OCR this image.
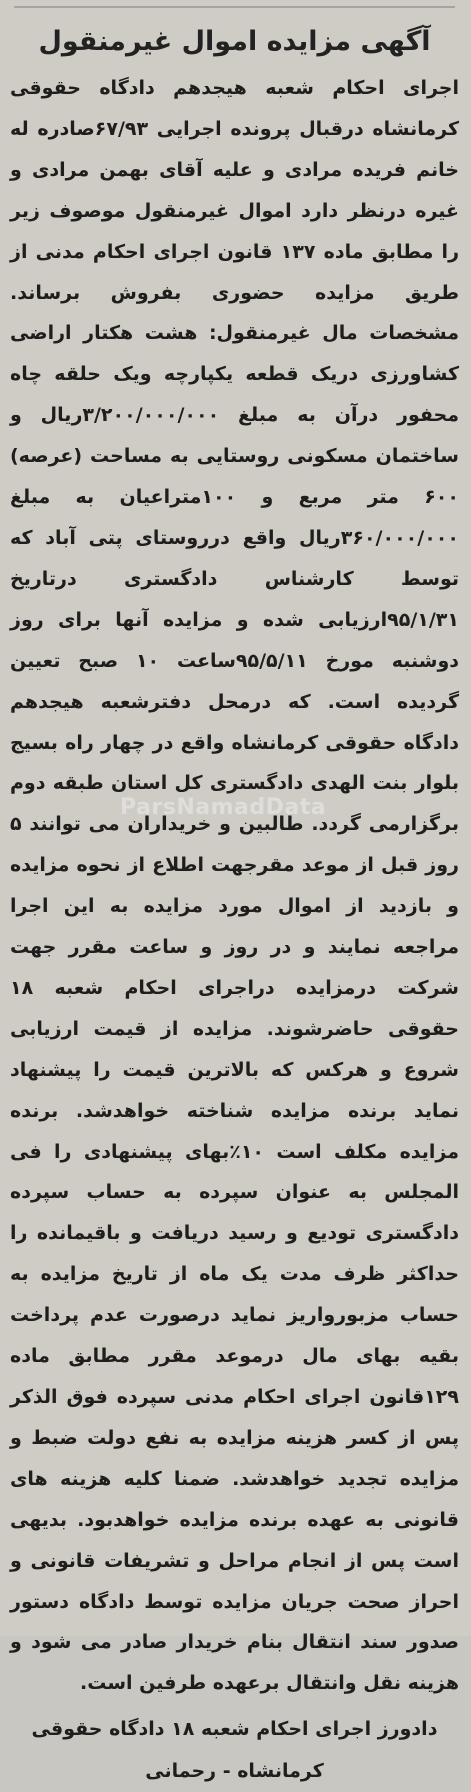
آگهی مزایده اموال غیرمنقول

اجرای احکام شعبه هیجدهم دادگاه حقوقی کرمانشاه درقبال پرونده اجرایی ۶۷/۹۳صادره له خانم فریده مرادی و علیه آقای بهمن مرادی و غیره درنظر دارد اموال غیرمنقول موصوف زیر را مطابق ماده ۱۳۷ قانون اجرای احکام مدنی از طریق مزایده حضوری بفروش برساند. مشخصات مال غیرمنقول: هشت هکتار اراضی کشاورزی دریک قطعه یکپارچه ویک حلقه چاه محفور درآن به مبلغ ۳/۲۰۰/۰۰۰/۰۰۰ریال و ساختمان مسکونی روستایی به مساحت (عرصه) ۶۰۰ متر مربع و ۱۰۰متراعیان به مبلغ ۳۶۰/۰۰۰/۰۰۰ریال واقع درروستای پتی آباد که توسط کارشناس دادگستری درتاریخ ۹۵/۱/۳۱ارزیابی شده و مزایده آنها برای روز دوشنبه مورخ ۹۵/۵/۱۱ساعت ۱۰ صبح تعیین گردیده است. که درمحل دفترشعبه هیجدهم دادگاه حقوقی کرمانشاه واقع در چهار راه بسیج بلوار بنت الهدی دادگستری کل استان طبقه دوم برگزارمی گردد. طالبین و خریداران می توانند ۵ روز قبل از موعد مقرجهت اطلاع از نحوه مزایده و بازدید از اموال مورد مزایده به این اجرا مراجعه نمایند و در روز و ساعت مقرر جهت شرکت درمزایده دراجرای احکام شعبه ۱۸ حقوقی حاضرشوند. مزایده از قیمت ارزیابی شروع و هرکس که بالاترین قیمت را پیشنهاد نماید برنده مزایده شناخته خواهدشد. برنده مزایده مکلف است ۱۰٪بهای پیشنهادی را فی المجلس به عنوان سپرده به حساب سپرده دادگستری تودیع و رسید دریافت و باقیمانده را حداکثر ظرف مدت یک ماه از تاریخ مزایده به حساب مزبورواریز نماید درصورت عدم پرداخت بقیه بهای مال درموعد مقرر مطابق ماده ۱۲۹قانون اجرای احکام مدنی سپرده فوق الذکر پس از کسر هزینه مزایده به نفع دولت ضبط و مزایده تجدید خواهدشد. ضمنا کلیه هزینه های قانونی به عهده برنده مزایده خواهدبود. بدیهی است پس از انجام مراحل و تشریفات قانونی و احراز صحت جریان مزایده توسط دادگاه دستور صدور سند انتقال بنام خریدار صادر می شود و هزینه نقل وانتقال برعهده طرفین است.

دادورز اجرای احکام شعبه ۱۸ دادگاه حقوقی
کرمانشاه - رحمانی
ParsNamadData
